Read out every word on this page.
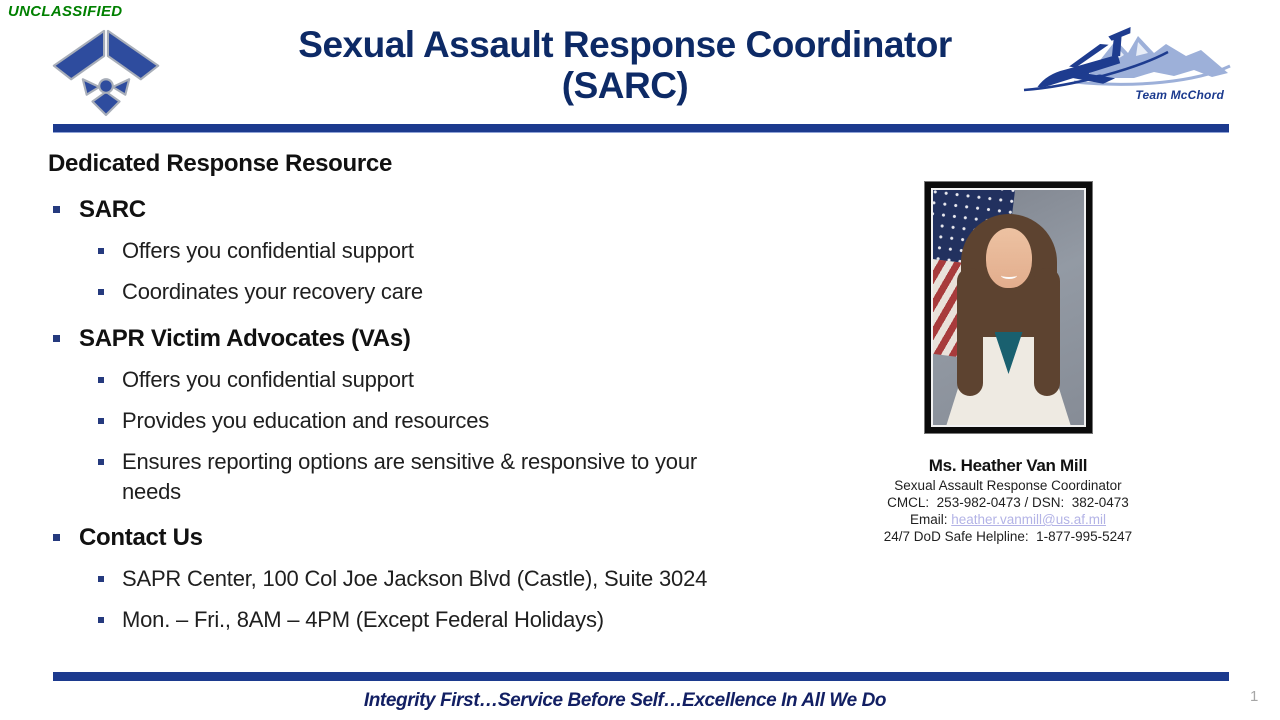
UNCLASSIFIED
Sexual Assault Response Coordinator
(SARC)	Team McChord
Dedicated Response Resource
SARC
Offers you confidential support
Coordinates your recovery care
SAPR Victim Advocates (VAs)
Offers you confidential support
Provides you education and resources
Ensures reporting options are sensitive & responsive to your needs
Contact Us
SAPR Center, 100 Col Joe Jackson Blvd (Castle), Suite 3024
Mon. – Fri., 8AM – 4PM (Except Federal Holidays)
Ms. Heather Van Mill
Sexual Assault Response Coordinator
CMCL:  253-982-0473 / DSN:  382-0473
Email: heather.vanmill@us.af.mil
24/7 DoD Safe Helpline:  1-877-995-5247
Integrity First…Service Before Self…Excellence In All We Do	1
